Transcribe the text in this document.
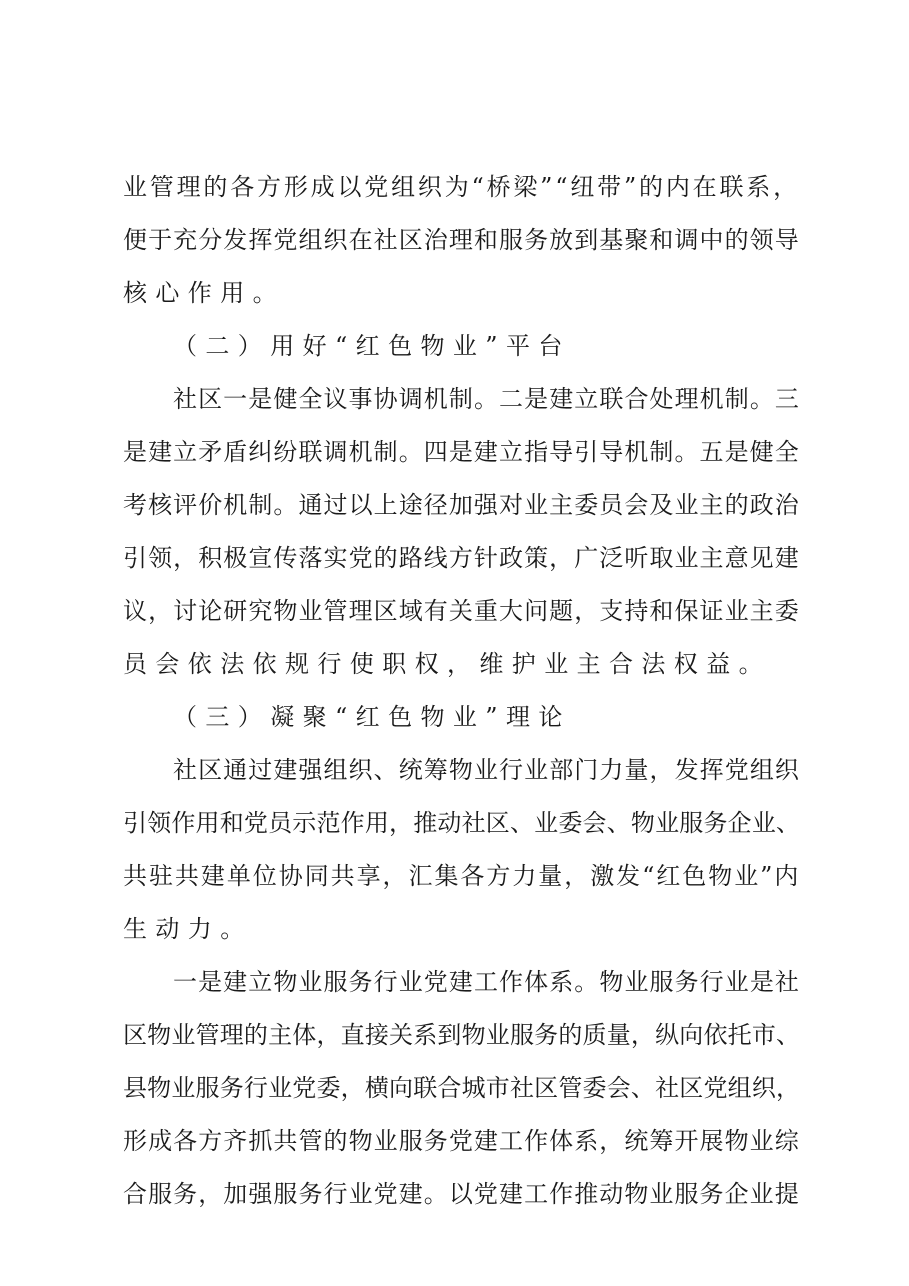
业管理的各方形成以党组织为“桥梁”“纽带”的内在联系，
便于充分发挥党组织在社区治理和服务放到基聚和调中的领导
核心作用。
（二）用好“红色物业”平台
社区一是健全议事协调机制。二是建立联合处理机制。三
是建立矛盾纠纷联调机制。四是建立指导引导机制。五是健全
考核评价机制。通过以上途径加强对业主委员会及业主的政治
引领，积极宣传落实党的路线方针政策，广泛听取业主意见建
议，讨论研究物业管理区域有关重大问题，支持和保证业主委
员会依法依规行使职权，维护业主合法权益。
（三）凝聚“红色物业”理论
社区通过建强组织、统筹物业行业部门力量，发挥党组织
引领作用和党员示范作用，推动社区、业委会、物业服务企业、
共驻共建单位协同共享，汇集各方力量，激发“红色物业”内
生动力。
一是建立物业服务行业党建工作体系。物业服务行业是社
区物业管理的主体，直接关系到物业服务的质量，纵向依托市、
县物业服务行业党委，横向联合城市社区管委会、社区党组织，
形成各方齐抓共管的物业服务党建工作体系，统筹开展物业综
合服务，加强服务行业党建。以党建工作推动物业服务企业提
